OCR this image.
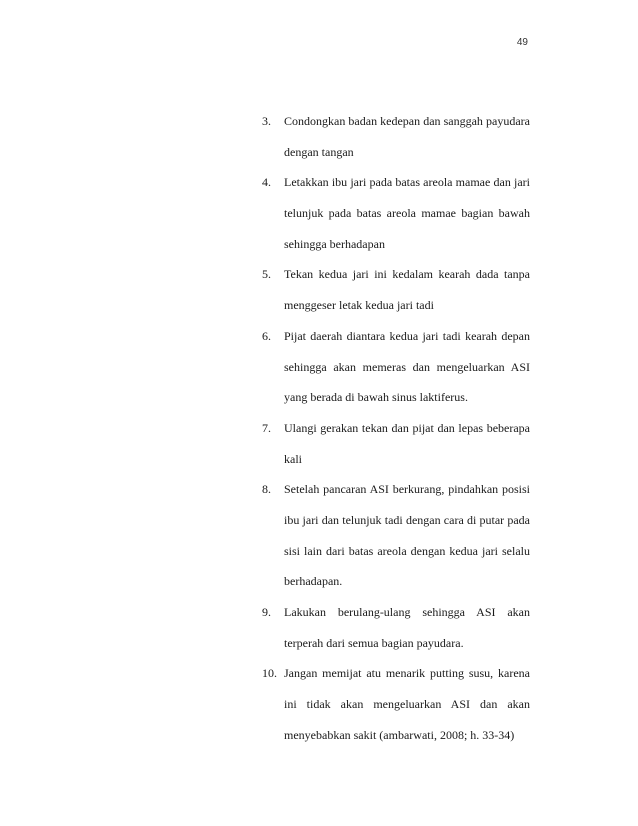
49
3. Condongkan badan kedepan dan sanggah payudara
dengan tangan
4. Letakkan ibu jari pada batas areola mamae dan jari
telunjuk pada batas areola mamae bagian bawah
sehingga berhadapan
5. Tekan kedua jari ini kedalam kearah dada tanpa
menggeser letak kedua jari tadi
6. Pijat daerah diantara kedua jari tadi kearah depan
sehingga akan memeras dan mengeluarkan ASI
yang berada di bawah sinus laktiferus.
7. Ulangi gerakan tekan dan pijat dan lepas beberapa
kali
8. Setelah pancaran ASI berkurang, pindahkan posisi
ibu jari dan telunjuk tadi dengan cara di putar pada
sisi lain dari batas areola dengan kedua jari selalu
berhadapan.
9. Lakukan berulang-ulang sehingga ASI akan
terperah dari semua bagian payudara.
10. Jangan memijat atu menarik putting susu, karena
ini tidak akan mengeluarkan ASI dan akan
menyebabkan sakit (ambarwati, 2008; h. 33-34)
